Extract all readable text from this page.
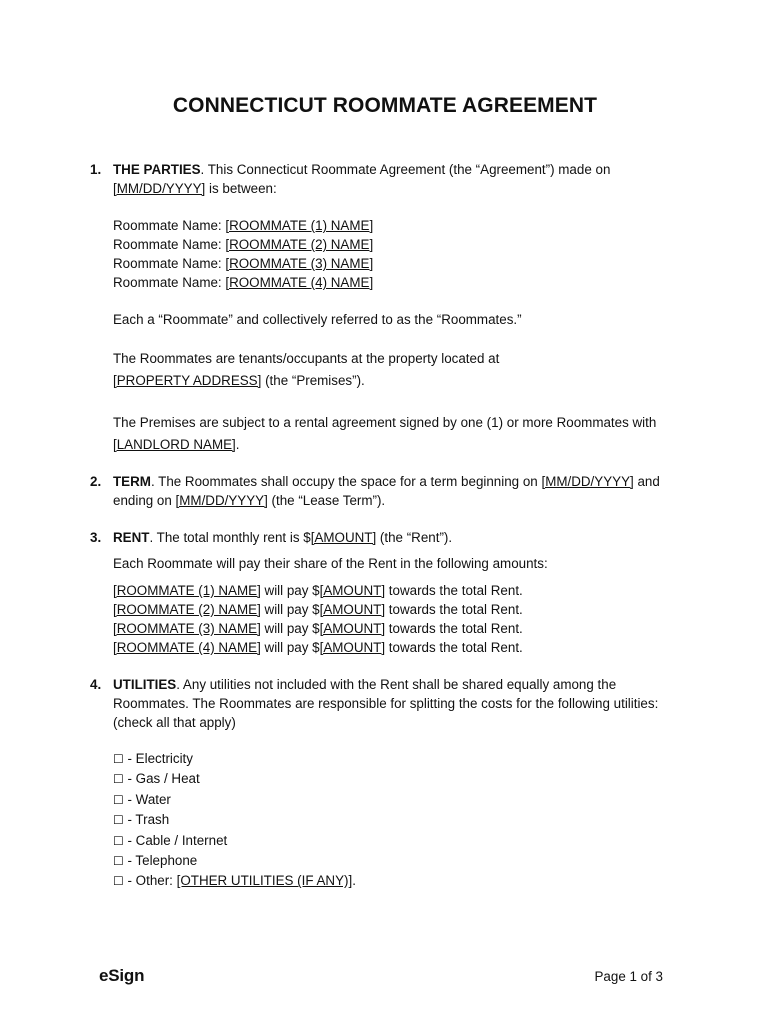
CONNECTICUT ROOMMATE AGREEMENT
1. THE PARTIES. This Connecticut Roommate Agreement (the “Agreement”) made on
[MM/DD/YYYY] is between:
Roommate Name: [ROOMMATE (1) NAME]
Roommate Name: [ROOMMATE (2) NAME]
Roommate Name: [ROOMMATE (3) NAME]
Roommate Name: [ROOMMATE (4) NAME]
Each a “Roommate” and collectively referred to as the “Roommates.”
The Roommates are tenants/occupants at the property located at
[PROPERTY ADDRESS] (the “Premises”).
The Premises are subject to a rental agreement signed by one (1) or more Roommates with
[LANDLORD NAME].
2. TERM. The Roommates shall occupy the space for a term beginning on [MM/DD/YYYY] and
ending on [MM/DD/YYYY] (the “Lease Term”).
3. RENT. The total monthly rent is $[AMOUNT] (the “Rent”).
Each Roommate will pay their share of the Rent in the following amounts:
[ROOMMATE (1) NAME] will pay $[AMOUNT] towards the total Rent.
[ROOMMATE (2) NAME] will pay $[AMOUNT] towards the total Rent.
[ROOMMATE (3) NAME] will pay $[AMOUNT] towards the total Rent.
[ROOMMATE (4) NAME] will pay $[AMOUNT] towards the total Rent.
4. UTILITIES. Any utilities not included with the Rent shall be shared equally among the
Roommates. The Roommates are responsible for splitting the costs for the following utilities:
(check all that apply)
☐ - Electricity
☐ - Gas / Heat
☐ - Water
☐ - Trash
☐ - Cable / Internet
☐ - Telephone
☐ - Other: [OTHER UTILITIES (IF ANY)].
eSign	Page 1 of 3
